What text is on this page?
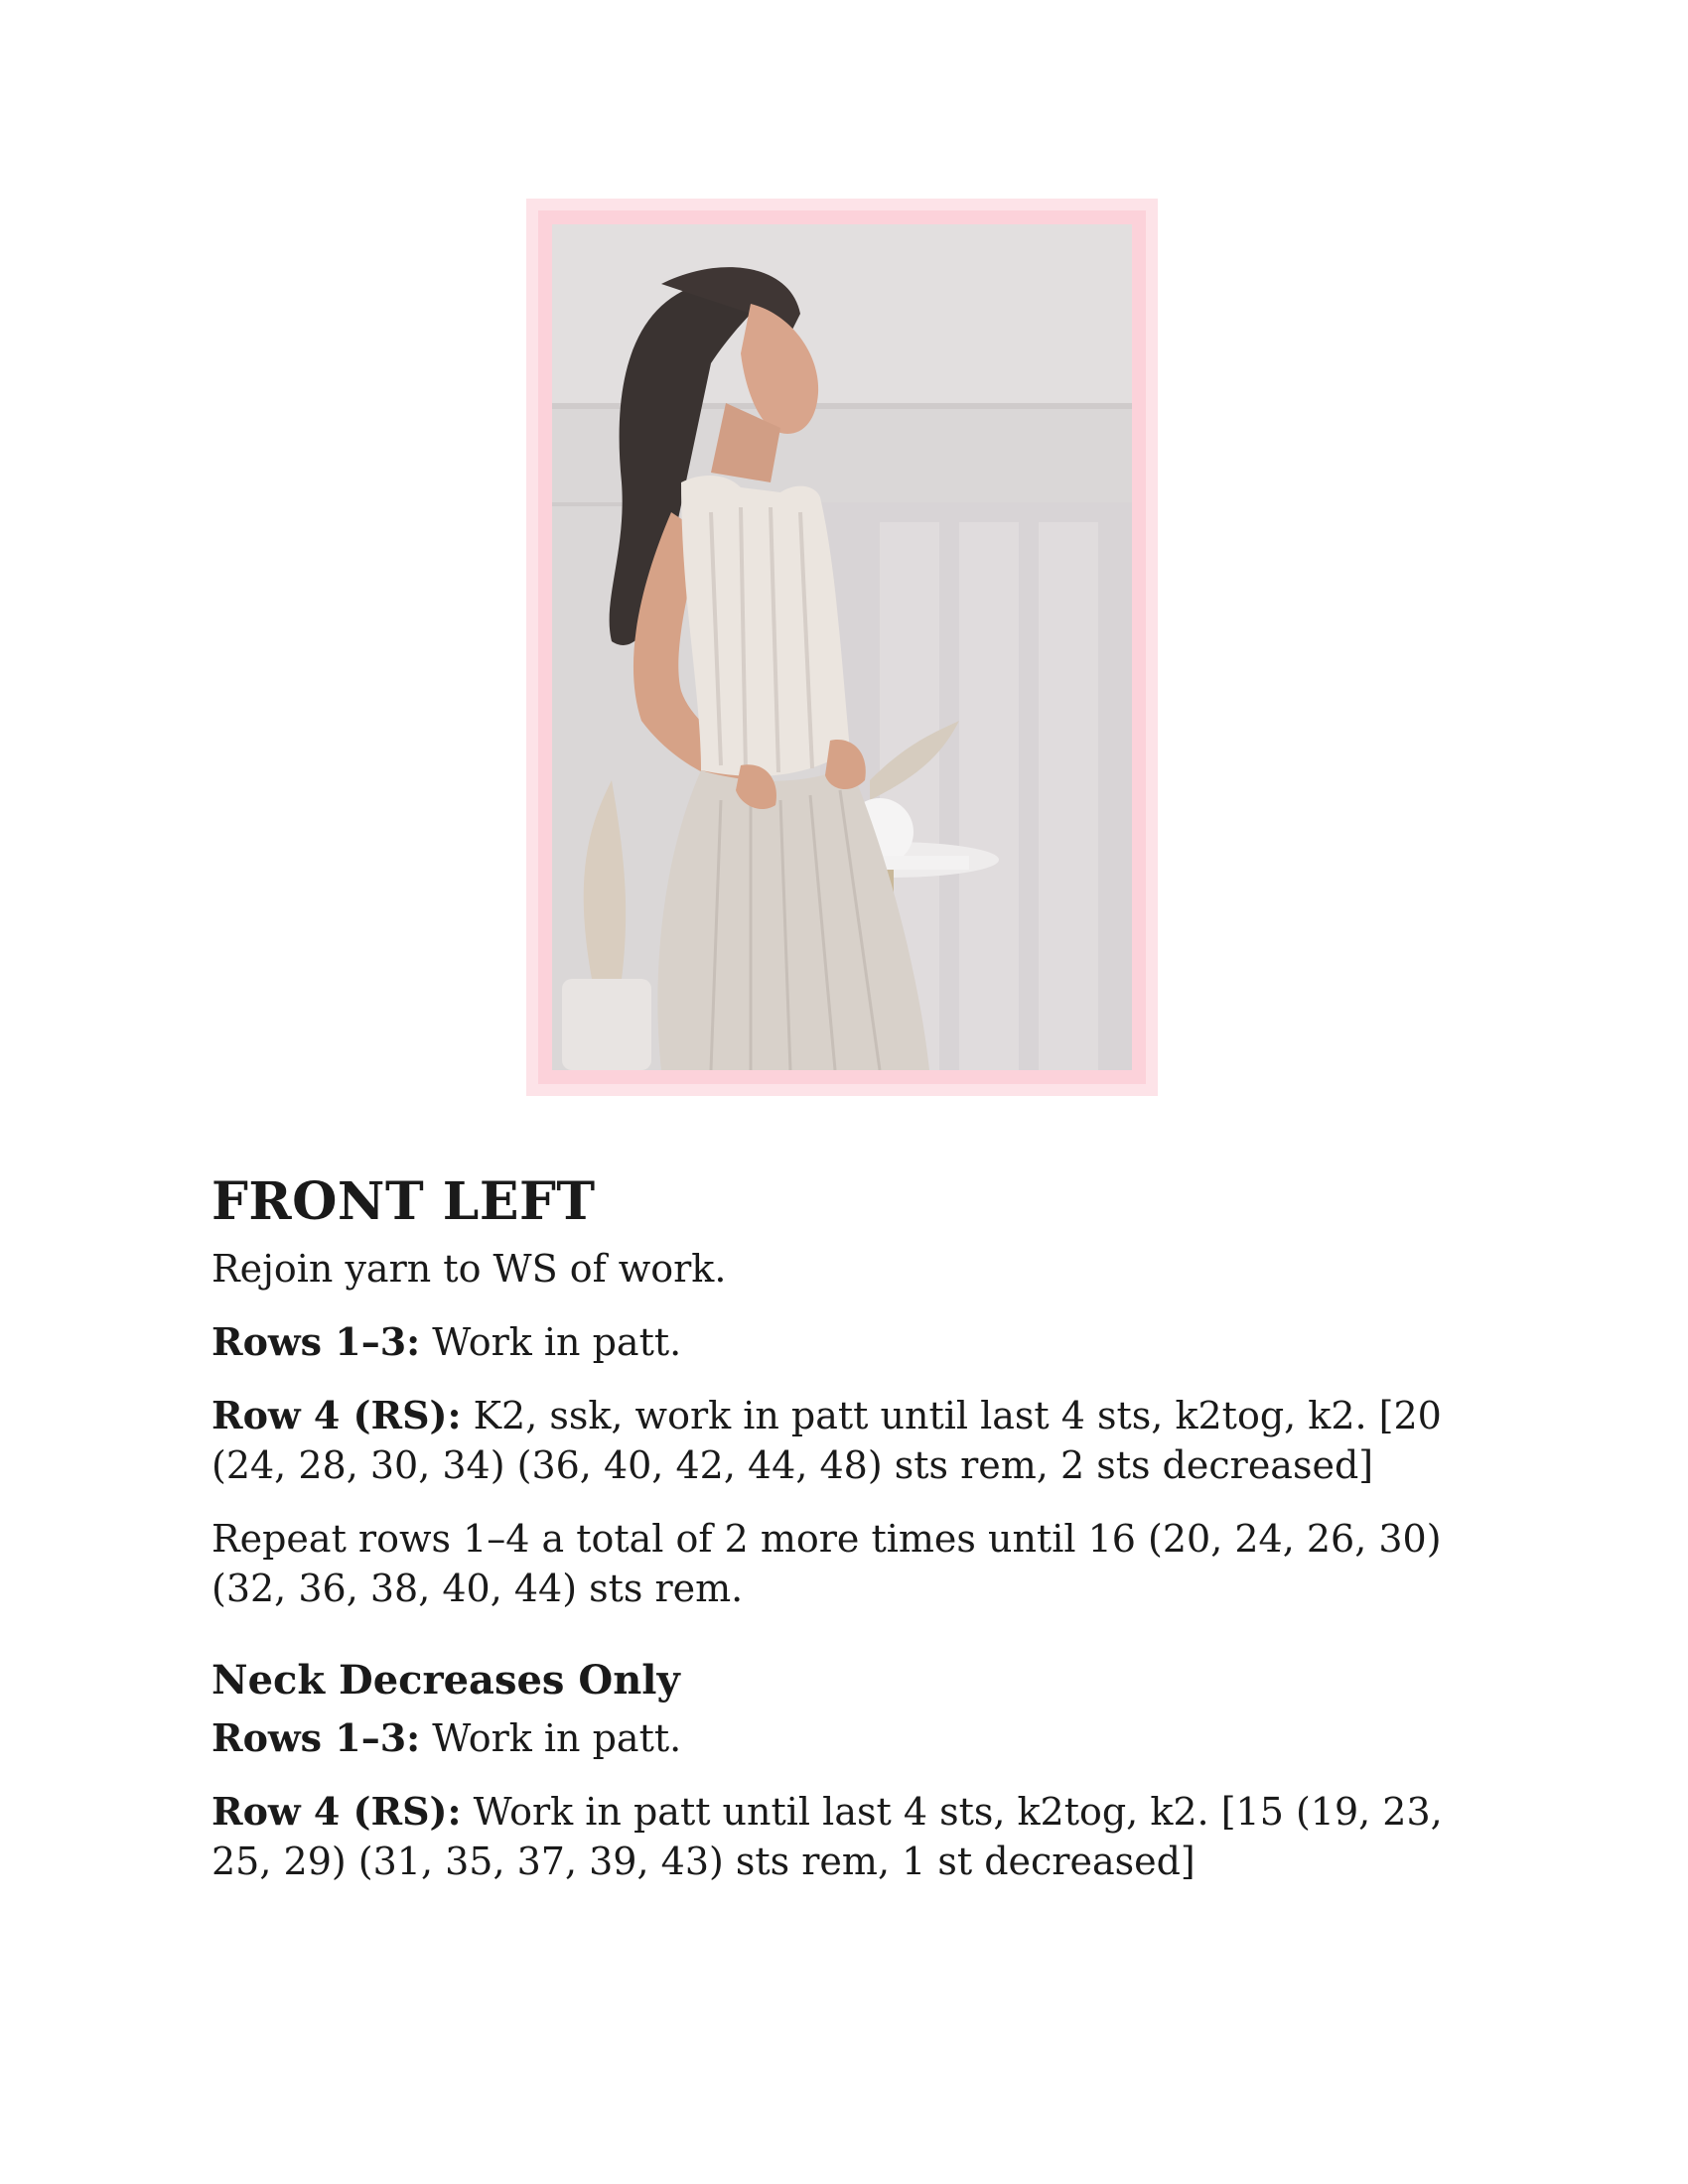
FRONT LEFT

Rejoin yarn to WS of work.

Rows 1–3: Work in patt.

Row 4 (RS): K2, ssk, work in patt until last 4 sts, k2tog, k2. [20 (24, 28, 30, 34) (36, 40, 42, 44, 48) sts rem, 2 sts decreased]

Repeat rows 1–4 a total of 2 more times until 16 (20, 24, 26, 30) (32, 36, 38, 40, 44) sts rem.

Neck Decreases Only

Rows 1–3: Work in patt.

Row 4 (RS): Work in patt until last 4 sts, k2tog, k2. [15 (19, 23, 25, 29) (31, 35, 37, 39, 43) sts rem, 1 st decreased]
